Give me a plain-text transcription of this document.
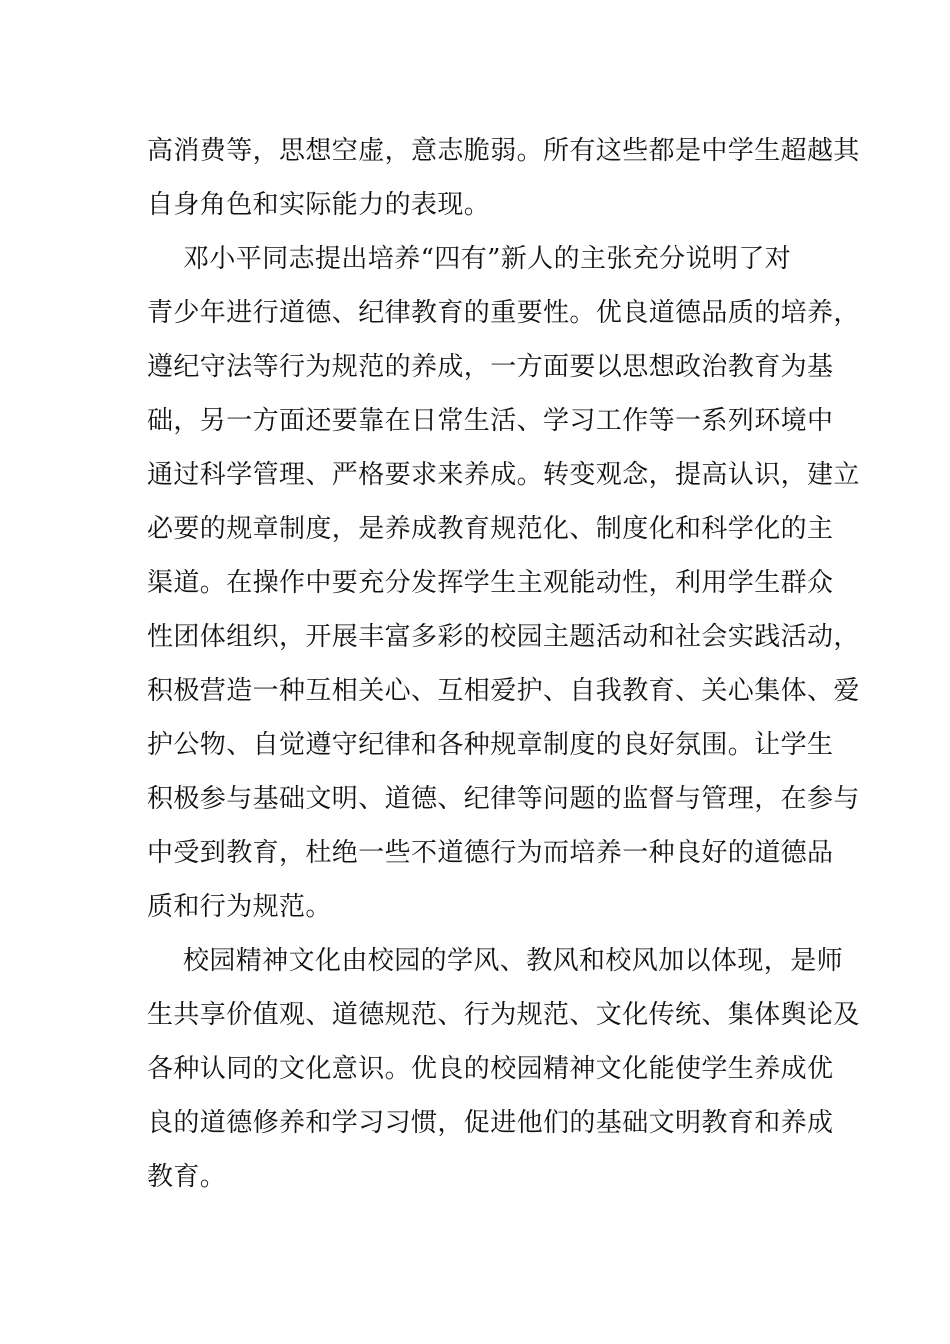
高消费等，思想空虚，意志脆弱。所有这些都是中学生超越其
自身角色和实际能力的表现。
邓小平同志提出培养“四有”新人的主张充分说明了对
青少年进行道德、纪律教育的重要性。优良道德品质的培养，
遵纪守法等行为规范的养成，一方面要以思想政治教育为基
础，另一方面还要靠在日常生活、学习工作等一系列环境中
通过科学管理、严格要求来养成。转变观念，提高认识，建立
必要的规章制度，是养成教育规范化、制度化和科学化的主
渠道。在操作中要充分发挥学生主观能动性，利用学生群众
性团体组织，开展丰富多彩的校园主题活动和社会实践活动，
积极营造一种互相关心、互相爱护、自我教育、关心集体、爱
护公物、自觉遵守纪律和各种规章制度的良好氛围。让学生
积极参与基础文明、道德、纪律等问题的监督与管理，在参与
中受到教育，杜绝一些不道德行为而培养一种良好的道德品
质和行为规范。
校园精神文化由校园的学风、教风和校风加以体现，是师
生共享价值观、道德规范、行为规范、文化传统、集体舆论及
各种认同的文化意识。优良的校园精神文化能使学生养成优
良的道德修养和学习习惯，促进他们的基础文明教育和养成
教育。
